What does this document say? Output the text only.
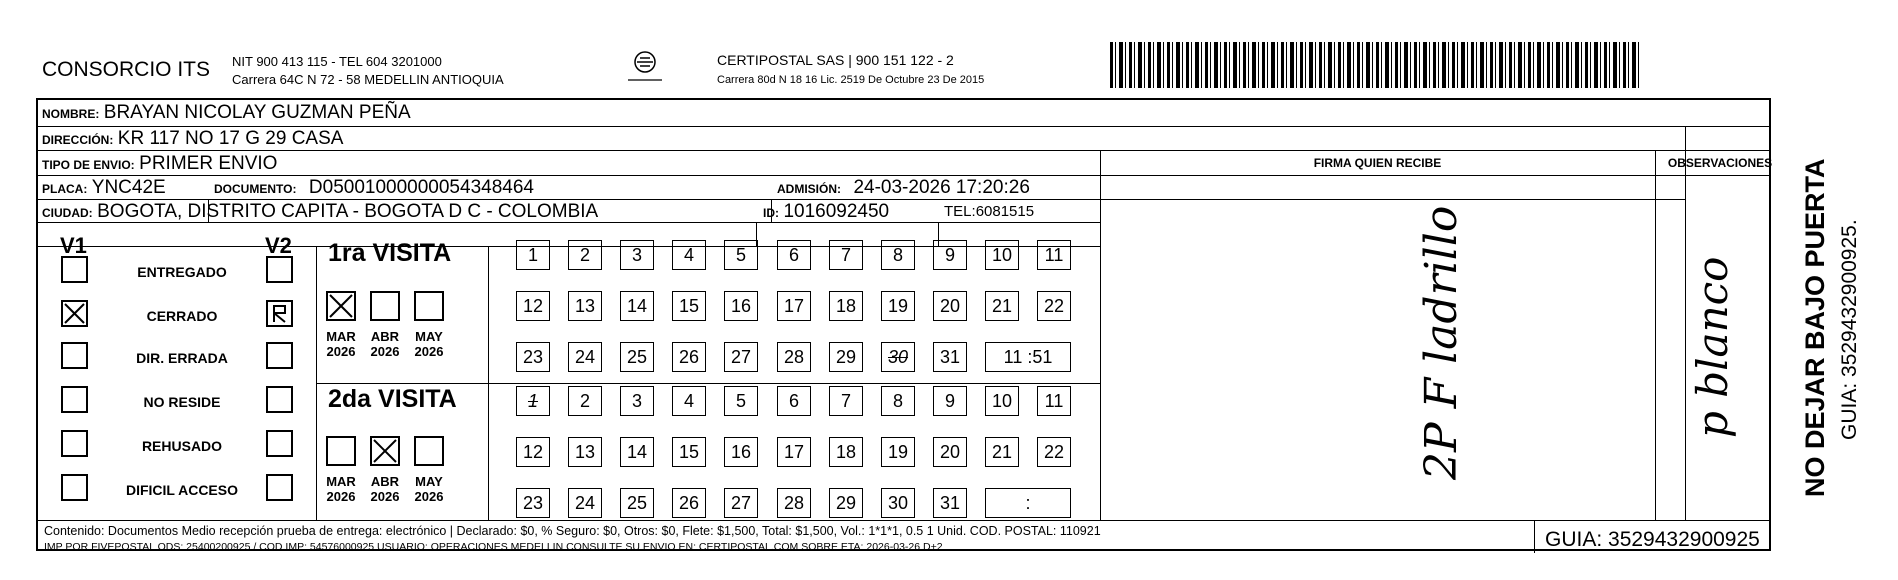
CONSORCIO ITS NIT 900 413 115 - TEL 604 3201000
Carrera 64C N 72 - 58 MEDELLIN ANTIOQUIA
CERTIPOSTAL SAS | 900 151 122 - 2
Carrera 80d N 18 16 Lic. 2519 De Octubre 23 De 2015
NOMBRE: BRAYAN NICOLAY GUZMAN PEÑA
DIRECCIÓN: KR 117 NO 17 G 29 CASA
TIPO DE ENVIO: PRIMER ENVIO
PLACA: YNC42E	DOCUMENTO: D05001000000054348464	ADMISIÓN: 24-03-2026 17:20:26
CIUDAD: BOGOTA, DISTRITO CAPITA - BOGOTA D C - COLOMBIA	ID: 1016092450	TEL:6081515
FIRMA QUIEN RECIBE	OBSERVACIONES
2P F ladrillo	p blanco
V1	V2
ENTREGADO
CERRADO
DIR. ERRADA
NO RESIDE
REHUSADO
DIFICIL ACCESO
1ra VISITA
MAR
2026
ABR
2026
MAY
2026
1	2	3	4	5	6	7	8	9	10	11
12	13	14	15	16	17	18	19	20	21	22
23	24	25	26	27	28	29	30	31	11 :51
2da VISITA
MAR
2026
ABR
2026
MAY
2026
1	2	3	4	5	6	7	8	9	10	11
12	13	14	15	16	17	18	19	20	21	22
23	24	25	26	27	28	29	30	31	:
Contenido: Documentos Medio recepción prueba de entrega: electrónico | Declarado: $0, % Seguro: $0, Otros: $0, Flete: $1,500, Total: $1,500, Vol.: 1*1*1, 0.5 1 Unid. COD. POSTAL: 110921
IMP POR FIVEPOSTAL ODS: 25400200925 / COD.IMP: 54576000925 USUARIO: OPERACIONES MEDELLIN CONSULTE SU ENVIO EN: CERTIPOSTAL.COM SOBRE ETA: 2026-03-26 D+2	GUIA: 3529432900925
NO DEJAR BAJO PUERTA GUIA: 3529432900925.
